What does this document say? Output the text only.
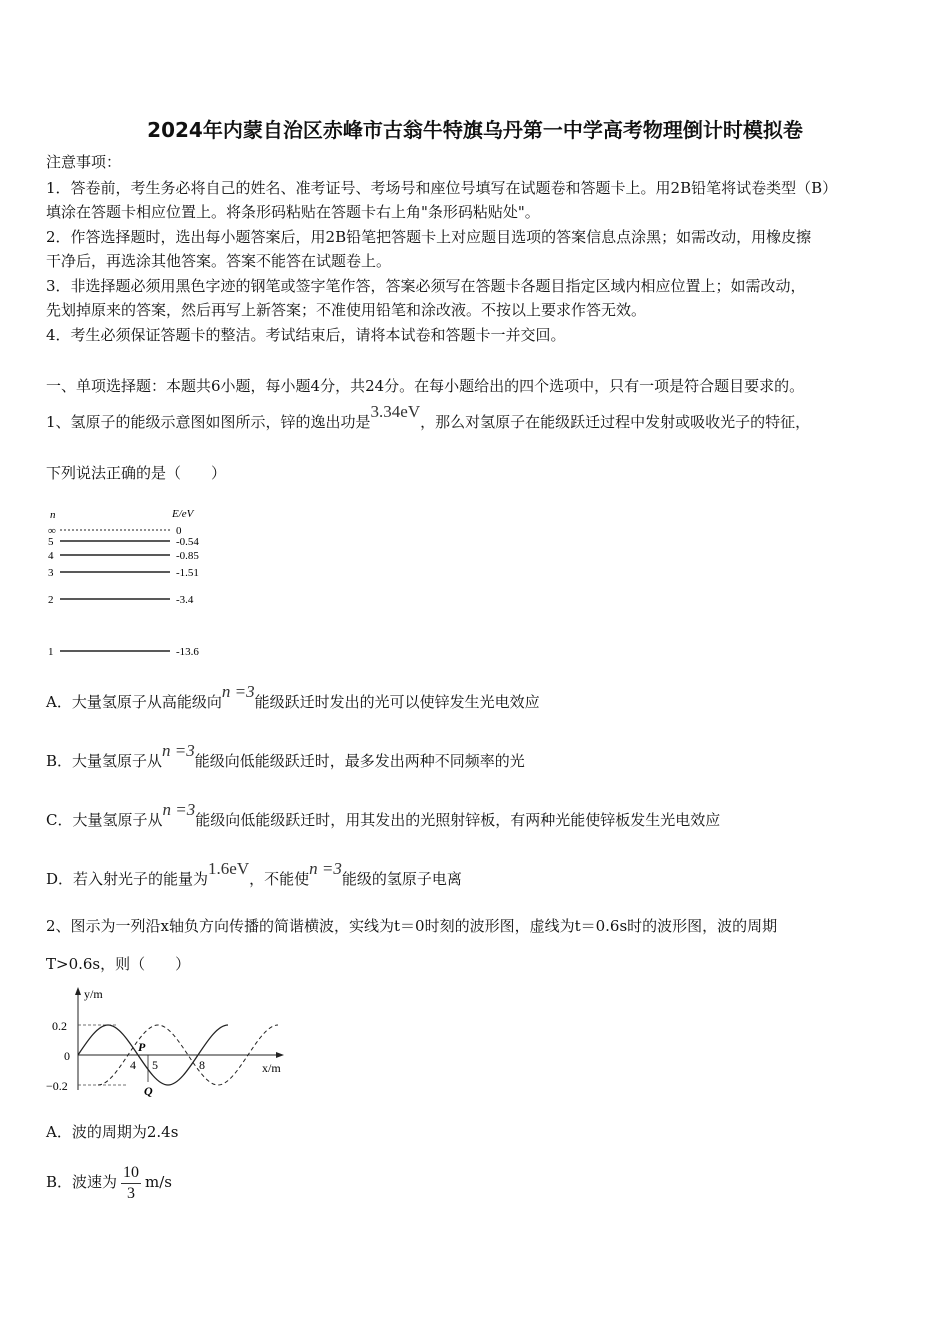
2024年内蒙自治区赤峰市古翁牛特旗乌丹第一中学高考物理倒计时模拟卷
注意事项：
1．答卷前，考生务必将自己的姓名、准考证号、考场号和座位号填写在试题卷和答题卡上。用2B铅笔将试卷类型（B）
填涂在答题卡相应位置上。将条形码粘贴在答题卡右上角"条形码粘贴处"。
2．作答选择题时，选出每小题答案后，用2B铅笔把答题卡上对应题目选项的答案信息点涂黑；如需改动，用橡皮擦
干净后，再选涂其他答案。答案不能答在试题卷上。
3．非选择题必须用黑色字迹的钢笔或签字笔作答，答案必须写在答题卡各题目指定区域内相应位置上；如需改动，
先划掉原来的答案，然后再写上新答案；不准使用铅笔和涂改液。不按以上要求作答无效。
4．考生必须保证答题卡的整洁。考试结束后，请将本试卷和答题卡一并交回。
一、单项选择题：本题共6小题，每小题4分，共24分。在每小题给出的四个选项中，只有一项是符合题目要求的。
1、氢原子的能级示意图如图所示，锌的逸出功是3.34eV，那么对氢原子在能级跃迁过程中发射或吸收光子的特征，
下列说法正确的是（　　）
n	E/eV
∞	0
5	-0.54
4	-0.85
3	-1.51
2	-3.4
1	-13.6
A．大量氢原子从高能级向n =3能级跃迁时发出的光可以使锌发生光电效应
B．大量氢原子从n =3能级向低能级跃迁时，最多发出两种不同频率的光
C．大量氢原子从n =3能级向低能级跃迁时，用其发出的光照射锌板，有两种光能使锌板发生光电效应
D．若入射光子的能量为1.6eV，不能使n =3能级的氢原子电离
2、图示为一列沿x轴负方向传播的简谐横波，实线为t＝0时刻的波形图，虚线为t＝0.6s时的波形图，波的周期
T>0.6s，则（　　）
y/m
x/m
0.2
0
−0.2
P
Q
4 5	8
A．波的周期为2.4s
B．波速为 $\frac{10}{3} m/s$
